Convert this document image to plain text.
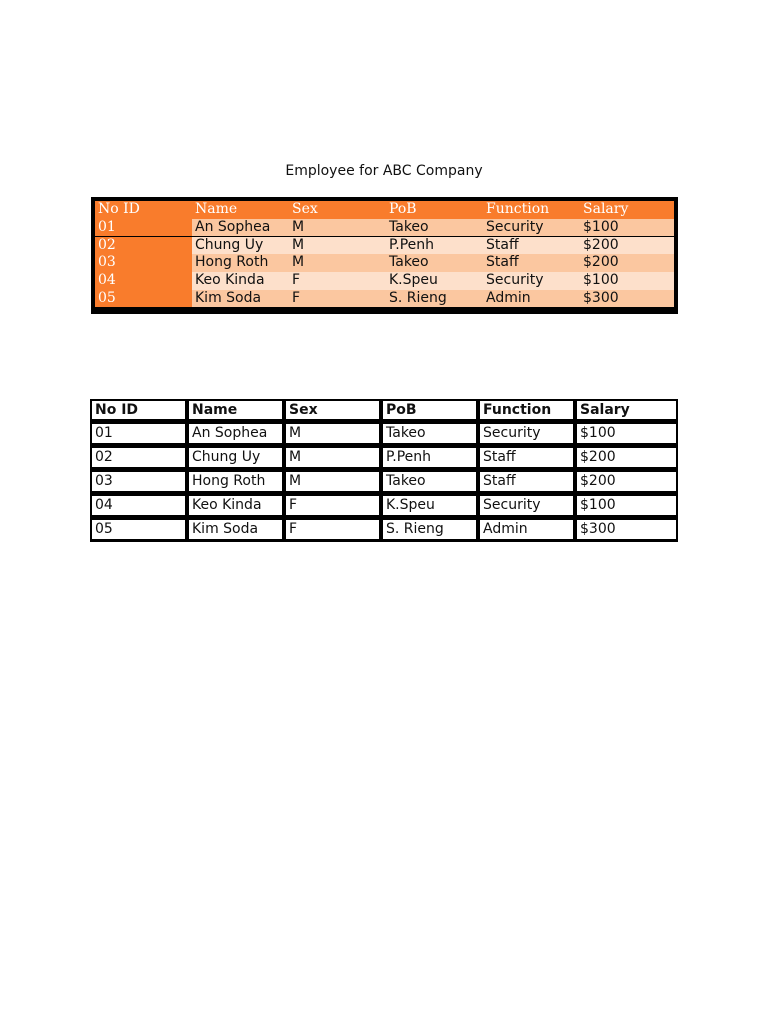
Employee for ABC Company
No ID	Name	Sex	PoB	Function	Salary
01	An Sophea	M	Takeo	Security	$100
02	Chung Uy	M	P.Penh	Staff	$200
03	Hong Roth	M	Takeo	Staff	$200
04	Keo Kinda	F	K.Speu	Security	$100
05	Kim Soda	F	S. Rieng	Admin	$300
No ID	Name	Sex	PoB	Function	Salary
01	An Sophea	M	Takeo	Security	$100
02	Chung Uy	M	P.Penh	Staff	$200
03	Hong Roth	M	Takeo	Staff	$200
04	Keo Kinda	F	K.Speu	Security	$100
05	Kim Soda	F	S. Rieng	Admin	$300
